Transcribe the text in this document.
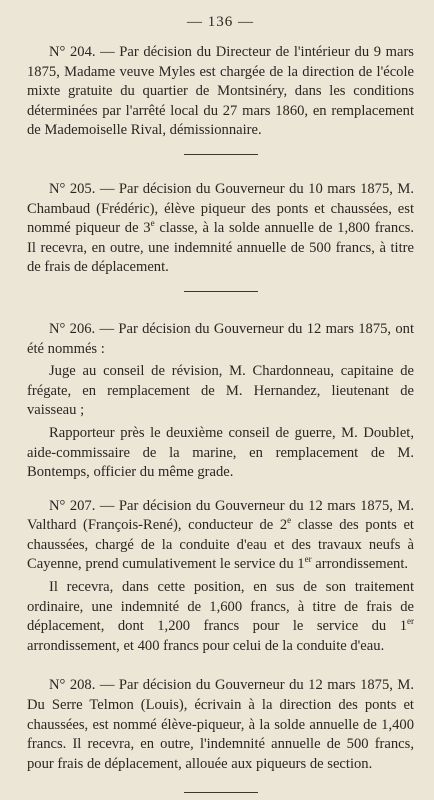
— 136 —

N° 204. — Par décision du Directeur de l'intérieur du 9 mars 1875, Madame veuve Myles est chargée de la direction de l'école mixte gratuite du quartier de Montsinéry, dans les conditions déterminées par l'arrêté local du 27 mars 1860, en remplacement de Mademoiselle Rival, démissionnaire.

N° 205. — Par décision du Gouverneur du 10 mars 1875, M. Chambaud (Frédéric), élève piqueur des ponts et chaussées, est nommé piqueur de 3e classe, à la solde annuelle de 1,800 francs. Il recevra, en outre, une indemnité annuelle de 500 francs, à titre de frais de déplacement.

N° 206. — Par décision du Gouverneur du 12 mars 1875, ont été nommés :

Juge au conseil de révision, M. Chardonneau, capitaine de frégate, en remplacement de M. Hernandez, lieutenant de vaisseau ;

Rapporteur près le deuxième conseil de guerre, M. Doublet, aide-commissaire de la marine, en remplacement de M. Bontemps, officier du même grade.

N° 207. — Par décision du Gouverneur du 12 mars 1875, M. Valthard (François-René), conducteur de 2e classe des ponts et chaussées, chargé de la conduite d'eau et des travaux neufs à Cayenne, prend cumulativement le service du 1er arrondissement.

Il recevra, dans cette position, en sus de son traitement ordinaire, une indemnité de 1,600 francs, à titre de frais de déplacement, dont 1,200 francs pour le service du 1er arrondissement, et 400 francs pour celui de la conduite d'eau.

N° 208. — Par décision du Gouverneur du 12 mars 1875, M. Du Serre Telmon (Louis), écrivain à la direction des ponts et chaussées, est nommé élève-piqueur, à la solde annuelle de 1,400 francs. Il recevra, en outre, l'indemnité annuelle de 500 francs, pour frais de déplacement, allouée aux piqueurs de section.
